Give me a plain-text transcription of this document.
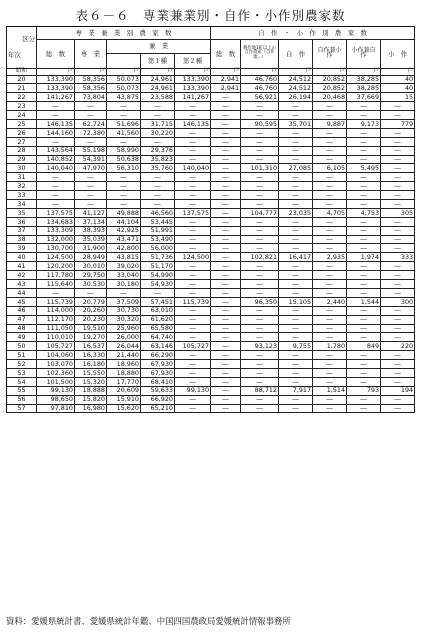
表６－６　専業兼業別・自作・小作別農家数
区分
年次	専　業　兼　業　別　農　家　数					自　作　・　小　作　別　農　家　数						
	総　数	専　業	兼　業			総　数	耕作地1町以上の自作農家（自作地…）	自　作	自作兼小　作	小作兼自　作	小　作	
				第１種	第２種							
昭和	戸	戸	戸	戸	戸	戸	戸	戸	戸	戸	戸	
20	133,390	58,356	50,073	24,961	133,390	2,941	46,760	24,512	20,852	38,285	40	
21	133,390	58,356	50,073	24,961	133,390	2,941	46,760	24,512	20,852	38,285	40	
22	141,267	73,804	43,875	23,588	141,267	―	56,921	26,194	20,468	37,669	15	
23	―	―	―	―	―	―	―	―	―	―	―	
24	―	―	―	―	―	―	―	―	―	―	―	
25	146,135	62,724	51,696	31,715	146,135	―	90,595	35,701	9,887	9,173	779	
26	144,160	72,380	41,560	30,220	―	―	―	―	―	―	―	
27	―	―	―	―	―	―	―	―	―	―	―	
28	143,564	55,198	58,990	29,376	―	―	―	―	―	―	―	
29	140,852	54,391	50,638	35,823	―	―	―	―	―	―	―	
30	140,040	47,970	56,310	35,760	140,040	―	101,310	27,085	6,105	5,495	―	
31	―	―	―	―	―	―	―	―	―	―	―	
32	―	―	―	―	―	―	―	―	―	―	―	
33	―	―	―	―	―	―	―	―	―	―	―	
34	―	―	―	―	―	―	―	―	―	―	―	
35	137,575	41,127	49,888	46,560	137,575	―	104,777	23,035	4,705	4,753	305	
36	134,683	37,134	44,104	53,445	―	―	―	―	―	―	―	
37	133,309	38,393	42,925	51,991	―	―	―	―	―	―	―	
38	132,000	35,039	43,471	53,490	―	―	―	―	―	―	―	
39	130,700	31,900	42,800	56,000	―	―	―	―	―	―	―	
40	124,500	28,949	43,815	51,736	124,500	―	102,821	16,417	2,935	1,974	333	
41	120,200	30,010	39,020	51,170	―	―	―	―	―	―	―	
42	117,780	29,750	33,040	54,990	―	―	―	―	―	―	―	
43	115,640	30,530	30,180	54,930	―	―	―	―	―	―	―	
44	―	―	―	―	―	―	―	―	―	―	―	
45	115,739	20,779	37,509	57,451	115,739	―	96,350	15,105	2,440	1,544	300	
46	114,000	20,260	30,730	63,010	―	―	―	―	―	―	―	
47	112,170	20,230	30,320	61,620	―	―	―	―	―	―	―	
48	111,050	19,510	25,960	65,580	―	―	―	―	―	―	―	
49	110,010	19,270	26,000	64,740	―	―	―	―	―	―	―	
50	105,727	16,537	26,044	63,146	105,727	―	93,123	9,755	1,780	849	220	
51	104,060	16,330	21,440	66,290	―	―	―	―	―	―	―	
52	103,070	16,180	18,960	67,930	―	―	―	―	―	―	―	
53	102,360	15,550	18,880	67,930	―	―	―	―	―	―	―	
54	101,500	15,320	17,770	68,410	―	―	―	―	―	―	―	
55	99,130	18,888	20,609	59,633	99,130	―	88,712	7,917	1,514	793	194	
56	98,650	15,820	15,910	66,920	―	―	―	―	―	―	―	
57	97,810	16,980	15,620	65,210	―	―	―	―	―	―	―	
資料：愛媛県統計書、愛媛県統計年鑑、中国四国農政局愛媛統計情報事務所
